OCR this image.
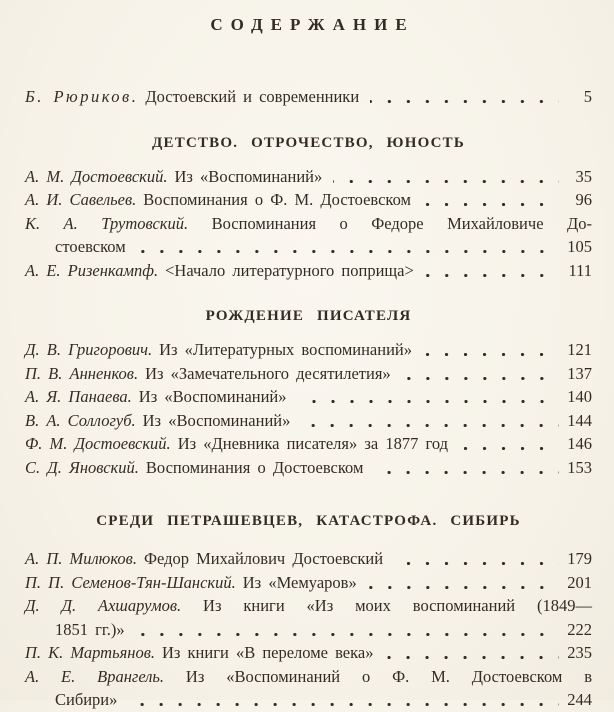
СОДЕРЖАНИЕ
Б. Рюриков. Достоевский и современники	5
ДЕТСТВО. ОТРОЧЕСТВО, ЮНОСТЬ
А. М. Достоевский. Из «Воспоминаний»	35
А. И. Савельев. Воспоминания о Ф. М. Достоевском	96
К. А. Трутовский. Воспоминания о Федоре Михайловиче До-
стоевском	105
А. Е. Ризенкампф. <Начало литературного поприща>	111
РОЖДЕНИЕ ПИСАТЕЛЯ
Д. В. Григорович. Из «Литературных воспоминаний»	121
П. В. Анненков. Из «Замечательного десятилетия»	137
А. Я. Панаева. Из «Воспоминаний»	140
В. А. Соллогуб. Из «Воспоминаний»	144
Ф. М. Достоевский. Из «Дневника писателя» за 1877 год	146
С. Д. Яновский. Воспоминания о Достоевском	153
СРЕДИ ПЕТРАШЕВЦЕВ, КАТАСТРОФА. СИБИРЬ
А. П. Милюков. Федор Михайлович Достоевский	179
П. П. Семенов-Тян-Шанский. Из «Мемуаров»	201
Д. Д. Ахшарумов. Из книги «Из моих воспоминаний (1849—
1851 гг.)»	222
П. К. Мартьянов. Из книги «В переломе века»	235
А. Е. Врангель. Из «Воспоминаний о Ф. М. Достоевском в
Сибири»	244
